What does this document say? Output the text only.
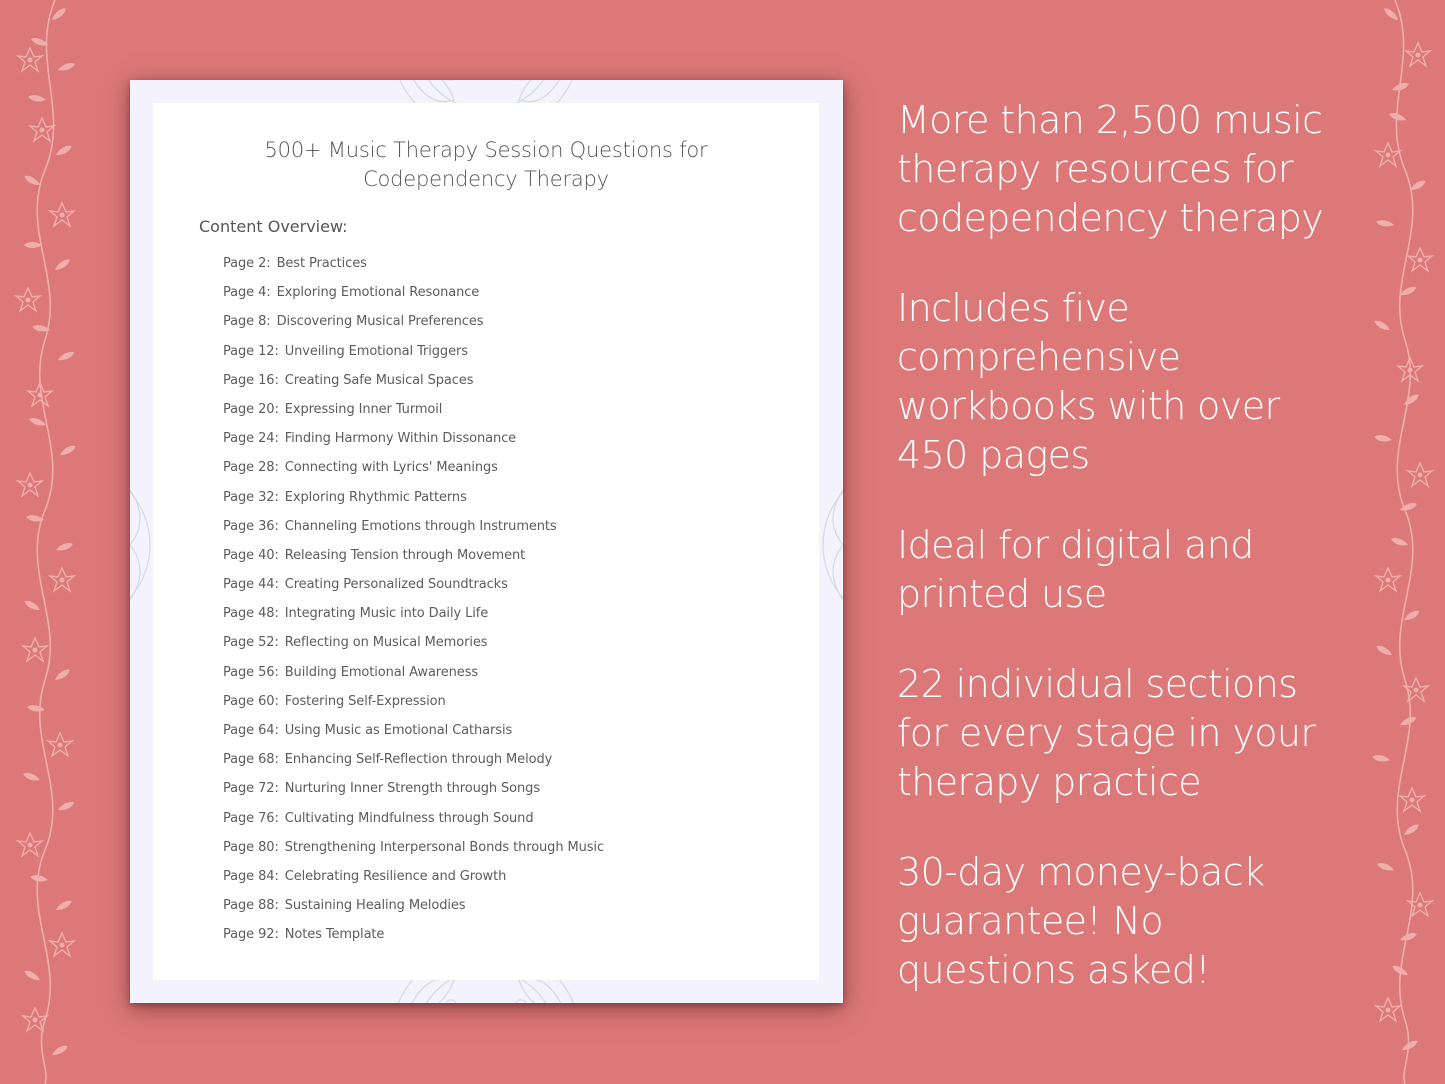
500+ Music Therapy Session Questions for
Codependency Therapy
Content Overview:
Page 2: Best Practices
Page 4: Exploring Emotional Resonance
Page 8: Discovering Musical Preferences
Page 12: Unveiling Emotional Triggers
Page 16: Creating Safe Musical Spaces
Page 20: Expressing Inner Turmoil
Page 24: Finding Harmony Within Dissonance
Page 28: Connecting with Lyrics' Meanings
Page 32: Exploring Rhythmic Patterns
Page 36: Channeling Emotions through Instruments
Page 40: Releasing Tension through Movement
Page 44: Creating Personalized Soundtracks
Page 48: Integrating Music into Daily Life
Page 52: Reflecting on Musical Memories
Page 56: Building Emotional Awareness
Page 60: Fostering Self-Expression
Page 64: Using Music as Emotional Catharsis
Page 68: Enhancing Self-Reflection through Melody
Page 72: Nurturing Inner Strength through Songs
Page 76: Cultivating Mindfulness through Sound
Page 80: Strengthening Interpersonal Bonds through Music
Page 84: Celebrating Resilience and Growth
Page 88: Sustaining Healing Melodies
Page 92: Notes Template
More than 2,500 music
therapy resources for
codependency therapy
Includes five
comprehensive
workbooks with over
450 pages
Ideal for digital and
printed use
22 individual sections
for every stage in your
therapy practice
30-day money-back
guarantee! No
questions asked!
